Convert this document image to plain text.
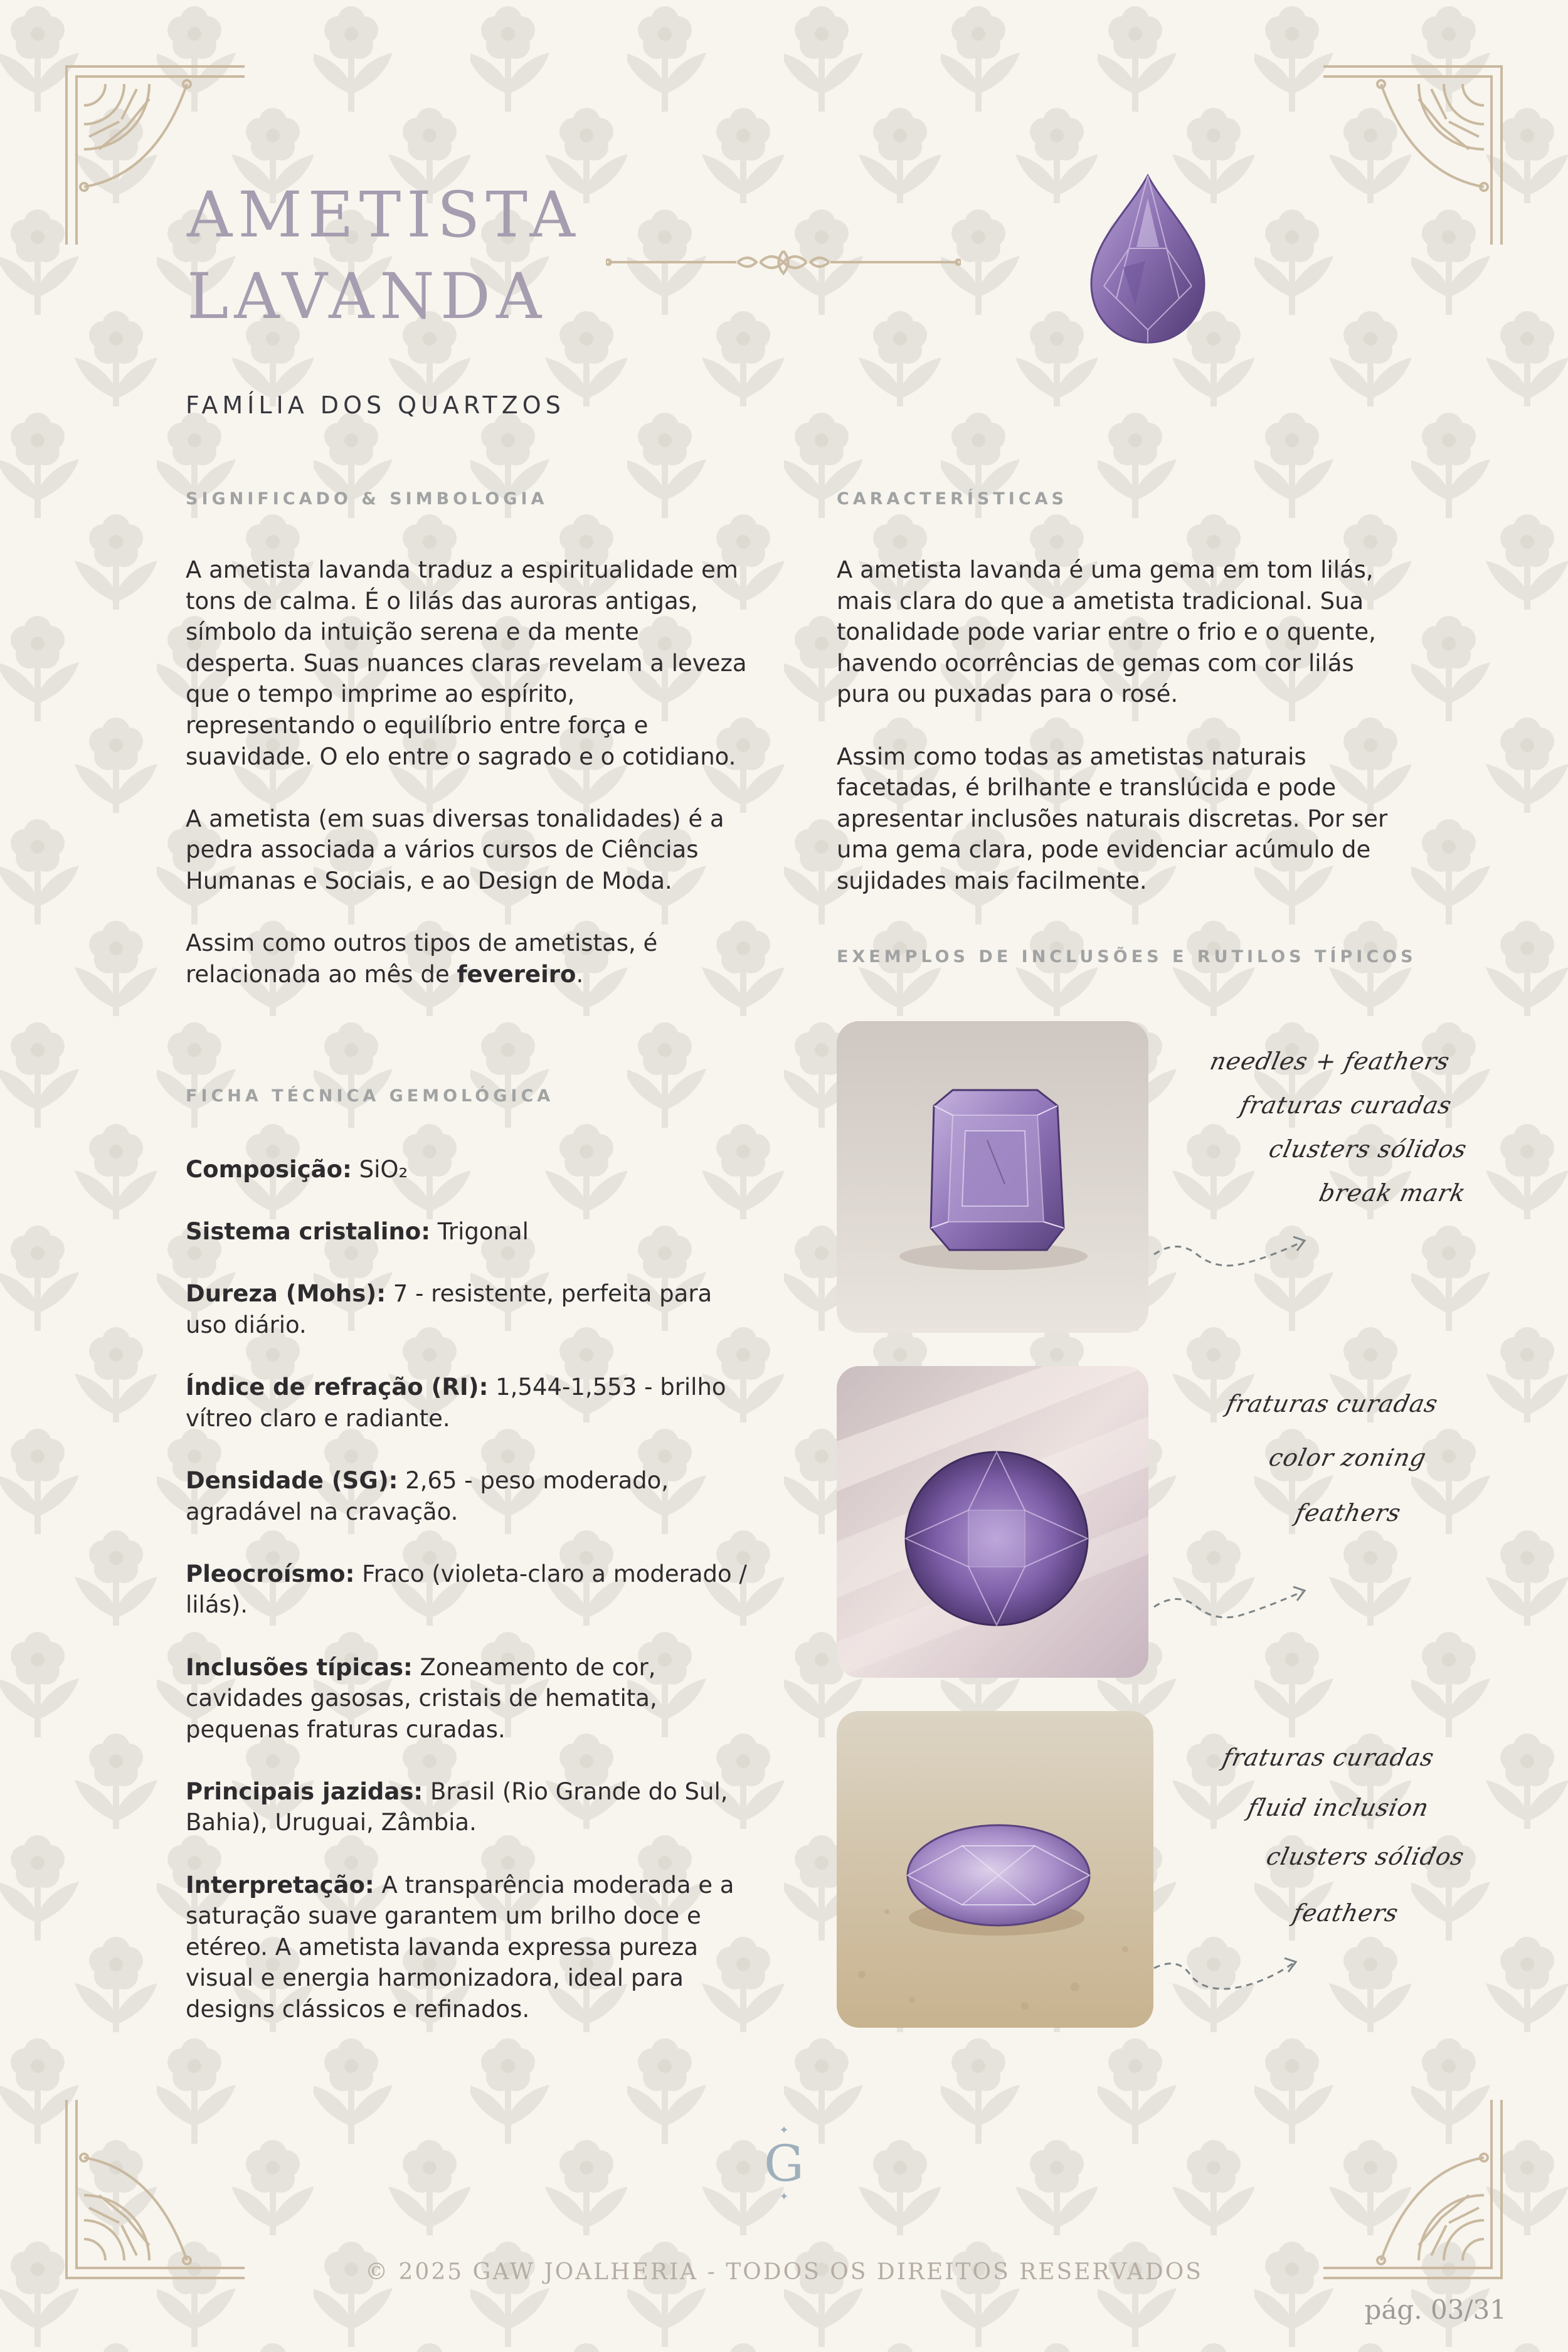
AMETISTA
LAVANDA
FAMÍLIA DOS QUARTZOS
SIGNIFICADO & SIMBOLOGIA

A ametista lavanda traduz a espiritualidade em tons de calma. É o lilás das auroras antigas, símbolo da intuição serena e da mente desperta. Suas nuances claras revelam a leveza que o tempo imprime ao espírito, representando o equilíbrio entre força e suavidade. O elo entre o sagrado e o cotidiano.

A ametista (em suas diversas tonalidades) é a pedra associada a vários cursos de Ciências Humanas e Sociais, e ao Design de Moda.

Assim como outros tipos de ametistas, é relacionada ao mês de fevereiro.

FICHA TÉCNICA GEMOLÓGICA

Composição: SiO₂

Sistema cristalino: Trigonal

Dureza (Mohs): 7 - resistente, perfeita para uso diário.

Índice de refração (RI): 1,544-1,553 - brilho vítreo claro e radiante.

Densidade (SG): 2,65 - peso moderado, agradável na cravação.

Pleocroísmo: Fraco (violeta-claro a moderado / lilás).

Inclusões típicas: Zoneamento de cor, cavidades gasosas, cristais de hematita, pequenas fraturas curadas.

Principais jazidas: Brasil (Rio Grande do Sul, Bahia), Uruguai, Zâmbia.

Interpretação: A transparência moderada e a saturação suave garantem um brilho doce e etéreo. A ametista lavanda expressa pureza visual e energia harmonizadora, ideal para designs clássicos e refinados.

CARACTERÍSTICAS

A ametista lavanda é uma gema em tom lilás, mais clara do que a ametista tradicional. Sua tonalidade pode variar entre o frio e o quente, havendo ocorrências de gemas com cor lilás pura ou puxadas para o rosé.

Assim como todas as ametistas naturais facetadas, é brilhante e translúcida e pode apresentar inclusões naturais discretas. Por ser uma gema clara, pode evidenciar acúmulo de sujidades mais facilmente.

EXEMPLOS DE INCLUSÕES E RUTILOS TÍPICOS
needles + feathers
fraturas curadas
clusters sólidos
break mark
fraturas curadas
color zoning
feathers
fraturas curadas
fluid inclusion
clusters sólidos
feathers
✦
G
✦
© 2025 GAW JOALHERIA - TODOS OS DIREITOS RESERVADOS
pág. 03/31
